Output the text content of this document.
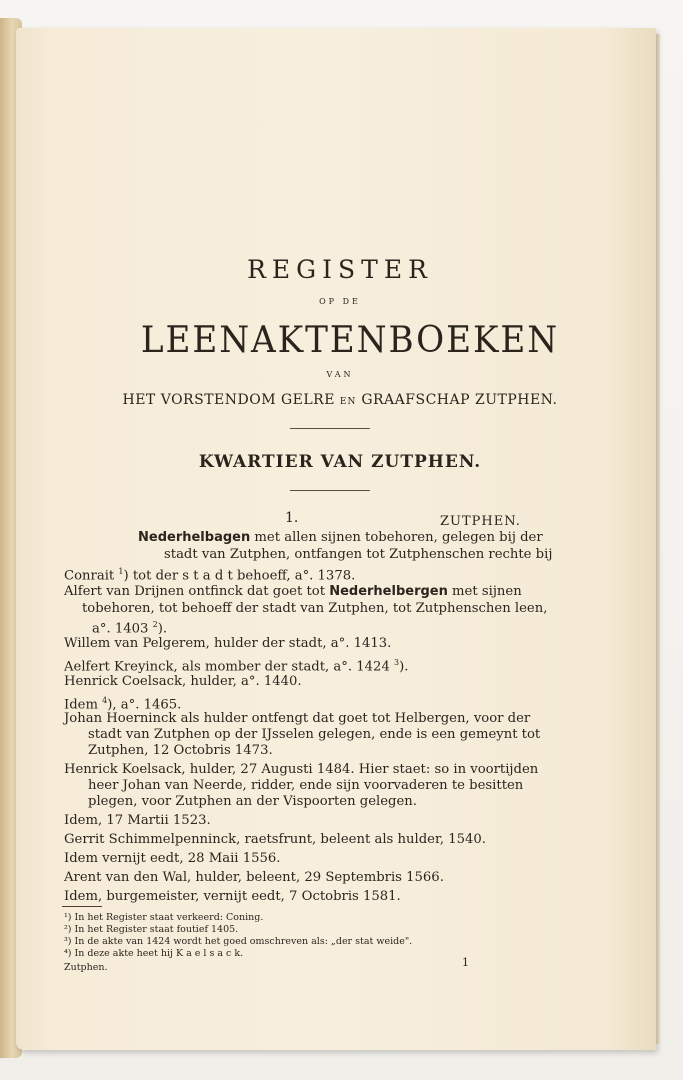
REGISTER
OP DE
LEENAKTENBOEKEN
VAN
HET VORSTENDOM GELRE EN GRAAFSCHAP ZUTPHEN.
KWARTIER VAN ZUTPHEN.
1.	ZUTPHEN.
Nederhelbagen met allen sijnen tobehoren, gelegen bij der
stadt van Zutphen, ontfangen tot Zutphenschen rechte bij
Conrait $^1$) tot der s t a d t behoeff, a°. 1378.
Alfert van Drijnen ontfinck dat goet tot Nederhelbergen met sijnen
tobehoren, tot behoeff der stadt van Zutphen, tot Zutphenschen leen,
a°. 1403 $^2$).
Willem van Pelgerem, hulder der stadt, a°. 1413.
Aelfert Kreyinck, als momber der stadt, a°. 1424 $^3$).
Henrick Coelsack, hulder, a°. 1440.
Idem $^4$), a°. 1465.
Johan Hoerninck als hulder ontfengt dat goet tot Helbergen, voor der
stadt van Zutphen op der IJsselen gelegen, ende is een gemeynt tot
Zutphen, 12 Octobris 1473.
Henrick Koelsack, hulder, 27 Augusti 1484. Hier staet: so in voortijden
heer Johan van Neerde, ridder, ende sijn voorvaderen te besitten
plegen, voor Zutphen an der Vispoorten gelegen.
Idem, 17 Martii 1523.
Gerrit Schimmelpenninck, raetsfrunt, beleent als hulder, 1540.
Idem vernijt eedt, 28 Maii 1556.
Arent van den Wal, hulder, beleent, 29 Septembris 1566.
Idem, burgemeister, vernijt eedt, 7 Octobris 1581.
¹) In het Register staat verkeerd: Coning.
²) In het Register staat foutief 1405.
³) In de akte van 1424 wordt het goed omschreven als: „der stat weide".
⁴) In deze akte heet hij K a e l s a c k.
Zutphen.	1
